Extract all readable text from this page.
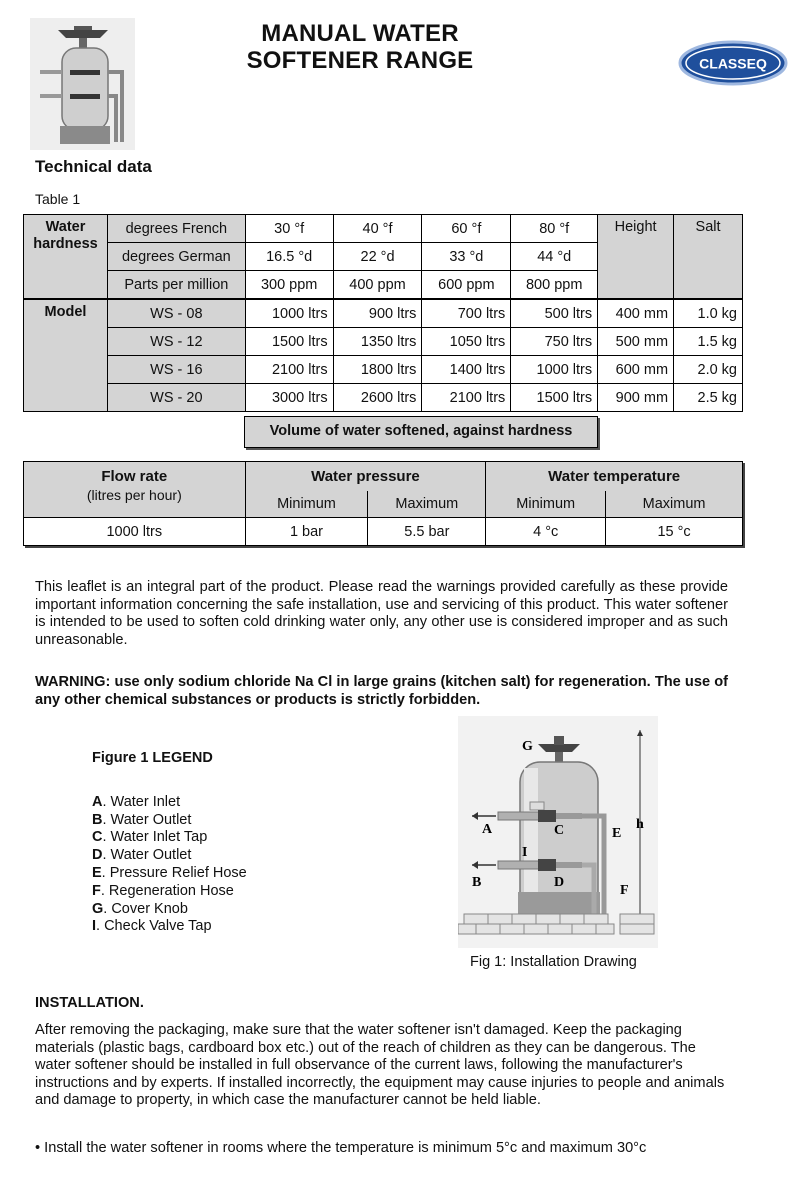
MANUAL WATER
SOFTENER RANGE	CLASSEQ
Technical data
Table 1
Water hardness	degrees French	30 °f	40 °f	60 °f	80 °f	Height	Salt
	degrees German	16.5 °d	22 °d	33 °d	44 °d		
	Parts per million	300 ppm	400 ppm	600 ppm	800 ppm		
Model	WS - 08	1000 ltrs	900 ltrs	700 ltrs	500 ltrs	400 mm	1.0 kg
	WS - 12	1500 ltrs	1350 ltrs	1050 ltrs	750 ltrs	500 mm	1.5 kg
	WS - 16	2100 ltrs	1800 ltrs	1400 ltrs	1000 ltrs	600 mm	2.0 kg
	WS - 20	3000 ltrs	2600 ltrs	2100 ltrs	1500 ltrs	900 mm	2.5 kg
Volume of water softened, against hardness
Flow rate
(litres per hour)	Water pressure		Water temperature	
	Minimum	Maximum	Minimum	Maximum
1000 ltrs	1 bar	5.5 bar	4 °c	15 °c
This leaflet is an integral part of the product. Please read the warnings provided carefully as these provide important information concerning the safe installation, use and servicing of this product. This water softener is intended to be used to soften cold drinking water only, any other use is considered improper and as such unreasonable.
WARNING: use only sodium chloride Na Cl in large grains (kitchen salt) for regeneration. The use of any other chemical substances or products is strictly forbidden.
Figure 1 LEGEND
A. Water Inlet
B. Water Outlet
C. Water Inlet Tap
D. Water Outlet
E. Pressure Relief Hose
F. Regeneration Hose
G. Cover Knob
I. Check Valve Tap
G
A	C	E
h
I
B	D
F
Fig 1: Installation Drawing
INSTALLATION.
After removing the packaging, make sure that the water softener isn't damaged. Keep the packaging materials (plastic bags, cardboard box etc.) out of the reach of children as they can be dangerous. The water softener should be installed in full observance of the current laws, following the manufacturer's instructions and by experts. If installed incorrectly, the equipment may cause injuries to people and animals and damage to property, in which case the manufacturer cannot be held liable.
• Install the water softener in rooms where the temperature is minimum 5°c and maximum 30°c
